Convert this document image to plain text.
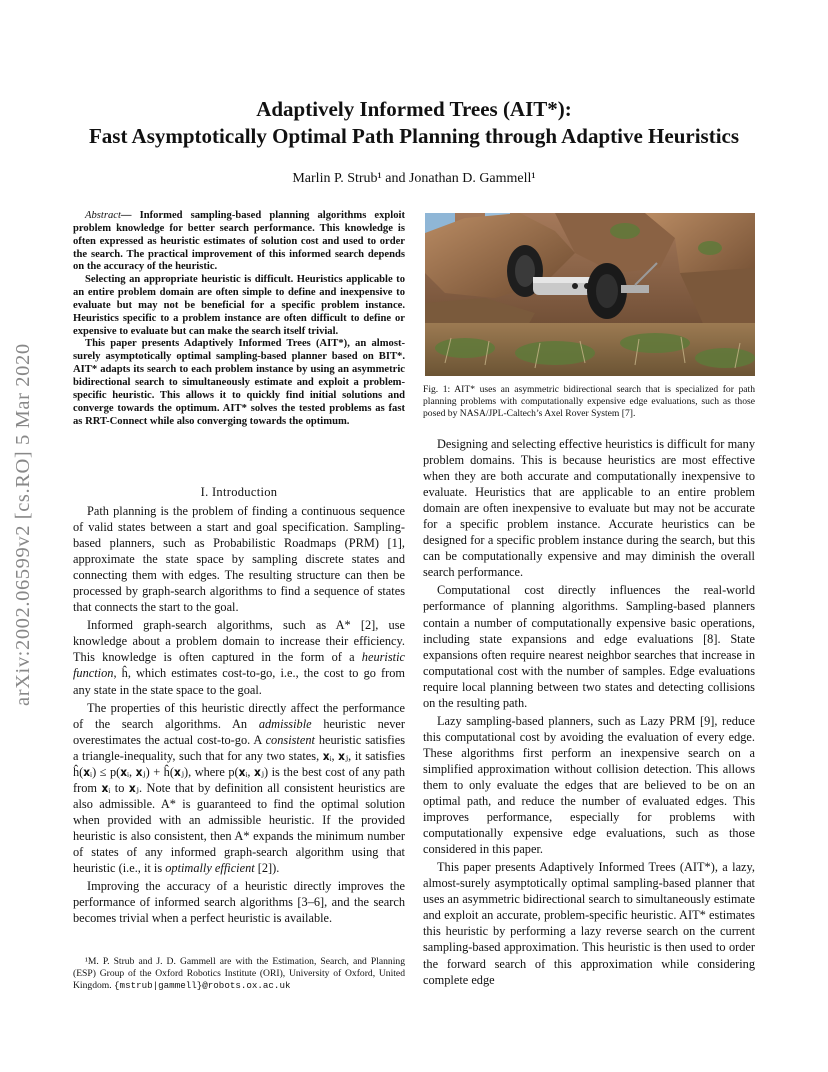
Adaptively Informed Trees (AIT*):
Fast Asymptotically Optimal Path Planning through Adaptive Heuristics
Marlin P. Strub¹ and Jonathan D. Gammell¹
arXiv:2002.06599v2 [cs.RO] 5 Mar 2020

Abstract— Informed sampling-based planning algorithms exploit problem knowledge for better search performance. This knowledge is often expressed as heuristic estimates of solution cost and used to order the search. The practical improvement of this informed search depends on the accuracy of the heuristic.

Selecting an appropriate heuristic is difficult. Heuristics applicable to an entire problem domain are often simple to define and inexpensive to evaluate but may not be beneficial for a specific problem instance. Heuristics specific to a problem instance are often difficult to define or expensive to evaluate but can make the search itself trivial.

This paper presents Adaptively Informed Trees (AIT*), an almost-surely asymptotically optimal sampling-based planner based on BIT*. AIT* adapts its search to each problem instance by using an asymmetric bidirectional search to simultaneously estimate and exploit a problem-specific heuristic. This allows it to quickly find initial solutions and converge towards the optimum. AIT* solves the tested problems as fast as RRT-Connect while also converging towards the optimum.

I. Introduction

Path planning is the problem of finding a continuous sequence of valid states between a start and goal specification. Sampling-based planners, such as Probabilistic Roadmaps (PRM) [1], approximate the state space by sampling discrete states and connecting them with edges. The resulting structure can then be processed by graph-search algorithms to find a sequence of states that connects the start to the goal.

Informed graph-search algorithms, such as A* [2], use knowledge about a problem domain to increase their efficiency. This knowledge is often captured in the form of a heuristic function, ĥ, which estimates cost-to-go, i.e., the cost to go from any state in the state space to the goal.

The properties of this heuristic directly affect the performance of the search algorithms. An admissible heuristic never overestimates the actual cost-to-go. A consistent heuristic satisfies a triangle-inequality, such that for any two states, 𝐱ᵢ, 𝐱ⱼ, it satisfies ĥ(𝐱ᵢ) ≤ p(𝐱ᵢ, 𝐱ⱼ) + ĥ(𝐱ⱼ), where p(𝐱ᵢ, 𝐱ⱼ) is the best cost of any path from 𝐱ᵢ to 𝐱ⱼ. Note that by definition all consistent heuristics are also admissible. A* is guaranteed to find the optimal solution when provided with an admissible heuristic. If the provided heuristic is also consistent, then A* expands the minimum number of states of any informed graph-search algorithm using that heuristic (i.e., it is optimally efficient [2]).

Improving the accuracy of a heuristic directly improves the performance of informed search algorithms [3–6], and the search becomes trivial when a perfect heuristic is available.

¹M. P. Strub and J. D. Gammell are with the Estimation, Search, and Planning (ESP) Group of the Oxford Robotics Institute (ORI), University of Oxford, United Kingdom. {mstrub|gammell}@robots.ox.ac.uk

Fig. 1: AIT* uses an asymmetric bidirectional search that is specialized for path planning problems with computationally expensive edge evaluations, such as those posed by NASA/JPL-Caltech’s Axel Rover System [7].

Designing and selecting effective heuristics is difficult for many problem domains. This is because heuristics are most effective when they are both accurate and computationally inexpensive to evaluate. Heuristics that are applicable to an entire problem domain are often inexpensive to evaluate but may not be accurate for a specific problem instance. Accurate heuristics can be designed for a specific problem instance during the search, but this can be computationally expensive and may diminish the overall search performance.

Computational cost directly influences the real-world performance of planning algorithms. Sampling-based planners contain a number of computationally expensive basic operations, including state expansions and edge evaluations [8]. State expansions often require nearest neighbor searches that increase in computational cost with the number of samples. Edge evaluations require local planning between two states and detecting collisions on the resulting path.

Lazy sampling-based planners, such as Lazy PRM [9], reduce this computational cost by avoiding the evaluation of every edge. These algorithms first perform an inexpensive search on a simplified approximation without collision detection. This allows them to only evaluate the edges that are believed to be on an optimal path, and reduce the number of evaluated edges. This improves performance, especially for problems with computationally expensive edge evaluations, such as those considered in this paper.

This paper presents Adaptively Informed Trees (AIT*), a lazy, almost-surely asymptotically optimal sampling-based planner that uses an asymmetric bidirectional search to simultaneously estimate and exploit an accurate, problem-specific heuristic. AIT* estimates this heuristic by performing a lazy reverse search on the current sampling-based approximation. This heuristic is then used to order the forward search of this approximation while considering complete edge
